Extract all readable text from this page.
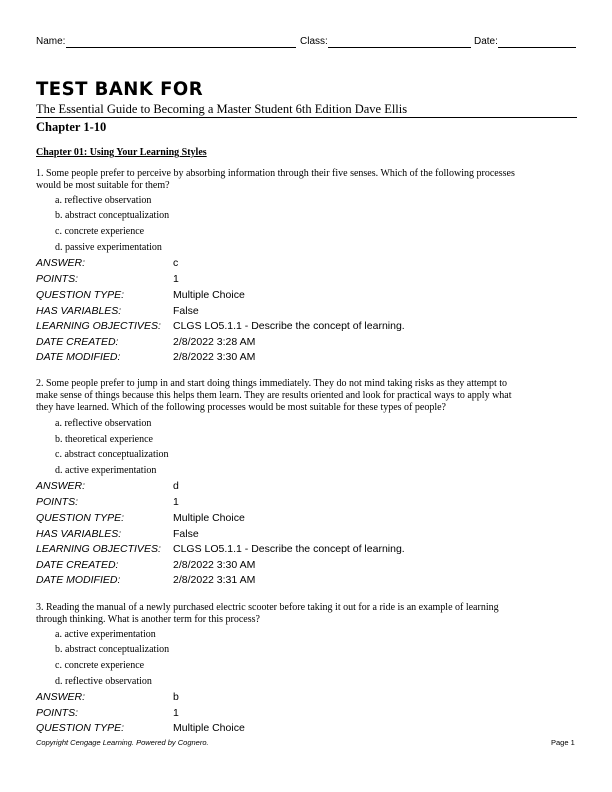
Name:	Class:	Date:
TEST BANK FOR
The Essential Guide to Becoming a Master Student 6th Edition Dave Ellis
Chapter 1-10
Chapter 01: Using Your Learning Styles
1. Some people prefer to perceive by absorbing information through their five senses. Which of the following processes
would be most suitable for them?
a. reflective observation
b. abstract conceptualization
c. concrete experience
d. passive experimentation
ANSWER:	c
POINTS:	1
QUESTION TYPE:	Multiple Choice
HAS VARIABLES:	False
LEARNING OBJECTIVES: CLGS LO5.1.1 - Describe the concept of learning.
DATE CREATED:	2/8/2022 3:28 AM
DATE MODIFIED:	2/8/2022 3:30 AM
2. Some people prefer to jump in and start doing things immediately. They do not mind taking risks as they attempt to
make sense of things because this helps them learn. They are results oriented and look for practical ways to apply what
they have learned. Which of the following processes would be most suitable for these types of people?
a. reflective observation
b. theoretical experience
c. abstract conceptualization
d. active experimentation
ANSWER:	d
POINTS:	1
QUESTION TYPE:	Multiple Choice
HAS VARIABLES:	False
LEARNING OBJECTIVES: CLGS LO5.1.1 - Describe the concept of learning.
DATE CREATED:	2/8/2022 3:30 AM
DATE MODIFIED:	2/8/2022 3:31 AM
3. Reading the manual of a newly purchased electric scooter before taking it out for a ride is an example of learning
through thinking. What is another term for this process?
a. active experimentation
b. abstract conceptualization
c. concrete experience
d. reflective observation
ANSWER:	b
POINTS:	1
QUESTION TYPE:	Multiple Choice
Copyright Cengage Learning. Powered by Cognero.	Page 1
